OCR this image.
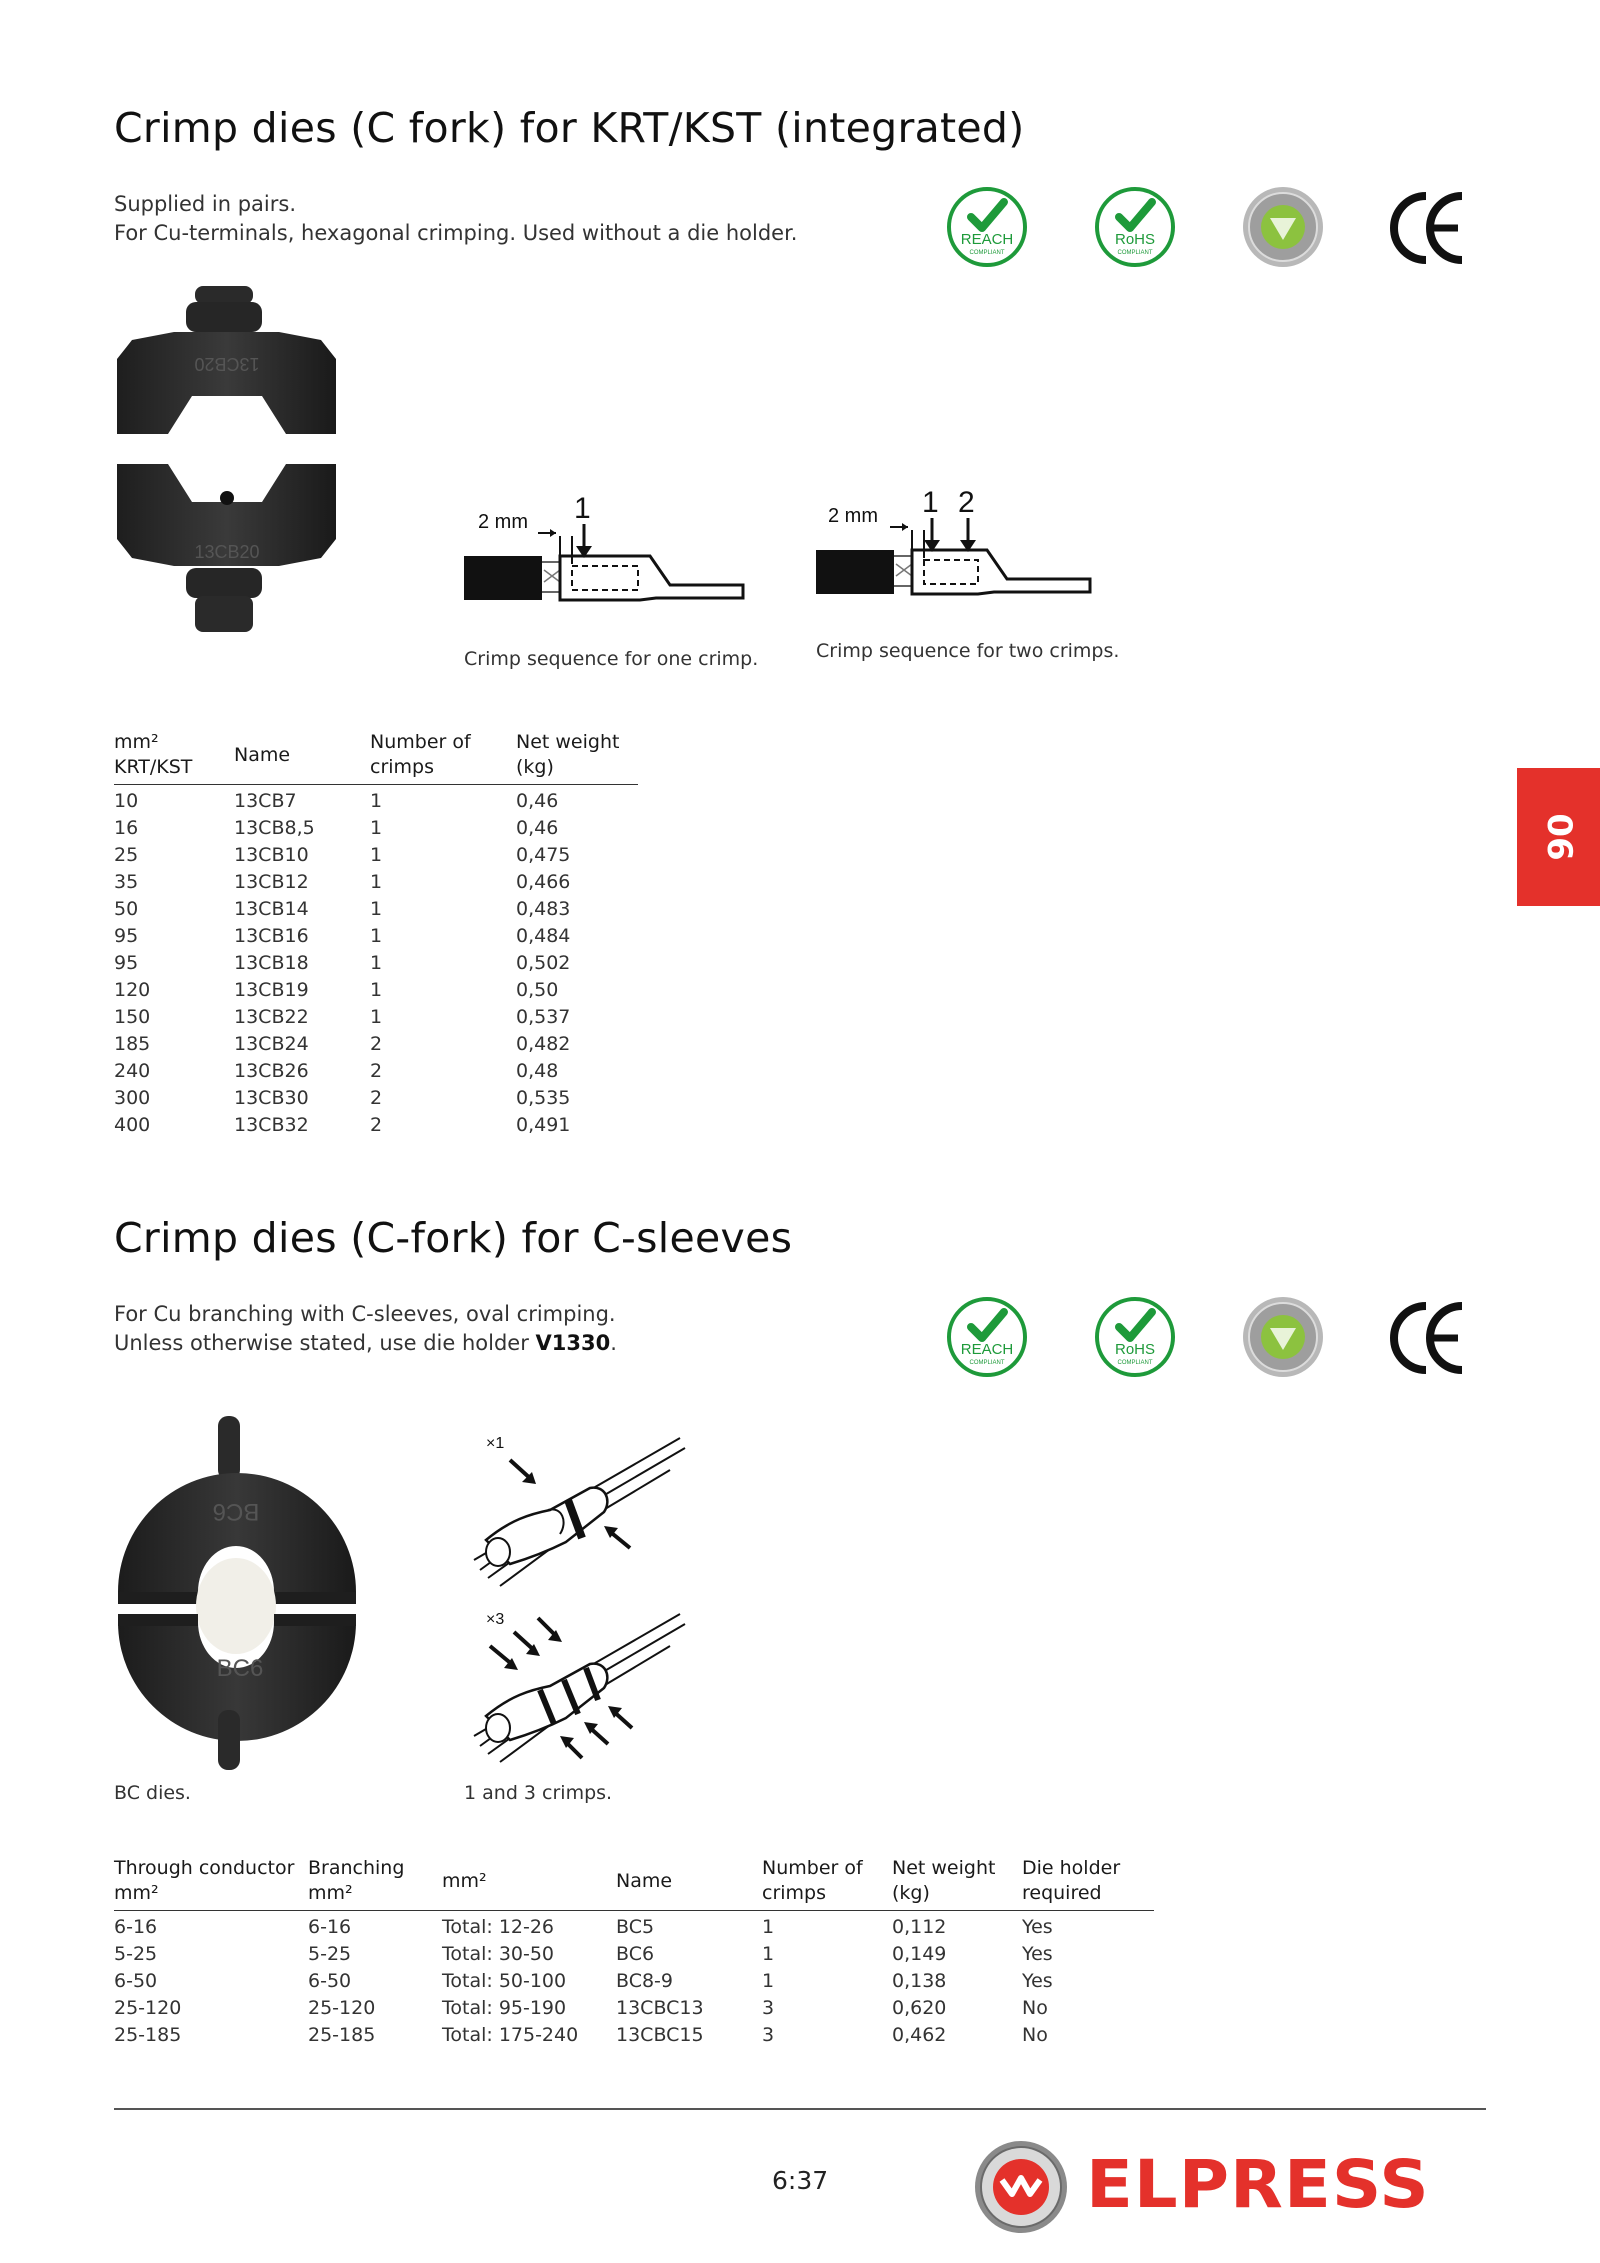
Crimp dies (C fork) for KRT/KST (integrated)
Supplied in pairs.
For Cu-terminals, hexagonal crimping. Used without a die holder.	REACH
COMPLIANT
RoHS
COMPLIANT
13CB20
13CB20
2 mm 1
Crimp sequence for one crimp.
2 mm 1 2
Crimp sequence for two crimps.
mm²
KRT/KST	Name	Number of
crimps	Net weight
(kg)
10	13CB7	1	0,46
16	13CB8,5	1	0,46
25	13CB10	1	0,475
35	13CB12	1	0,466
50	13CB14	1	0,483
95	13CB16	1	0,484
95	13CB18	1	0,502
120	13CB19	1	0,50
150	13CB22	1	0,537
185	13CB24	2	0,482
240	13CB26	2	0,48
300	13CB30	2	0,535
400	13CB32	2	0,491
06
Crimp dies (C-fork) for C-sleeves
For Cu branching with C-sleeves, oval crimping.
Unless otherwise stated, use die holder V1330.	REACH
COMPLIANT
RoHS
COMPLIANT
BC6
BC6
BC dies.
×1
×3
1 and 3 crimps.
Through conductor
mm²	Branching
mm²	mm²	Name	Number of
crimps	Net weight
(kg)	Die holder
required
6-16	6-16	Total: 12-26	BC5	1	0,112	Yes
5-25	5-25	Total: 30-50	BC6	1	0,149	Yes
6-50	6-50	Total: 50-100	BC8-9	1	0,138	Yes
25-120	25-120	Total: 95-190	13CBC13	3	0,620	No
25-185	25-185	Total: 175-240	13CBC15	3	0,462	No
6:37	ELPRESS
